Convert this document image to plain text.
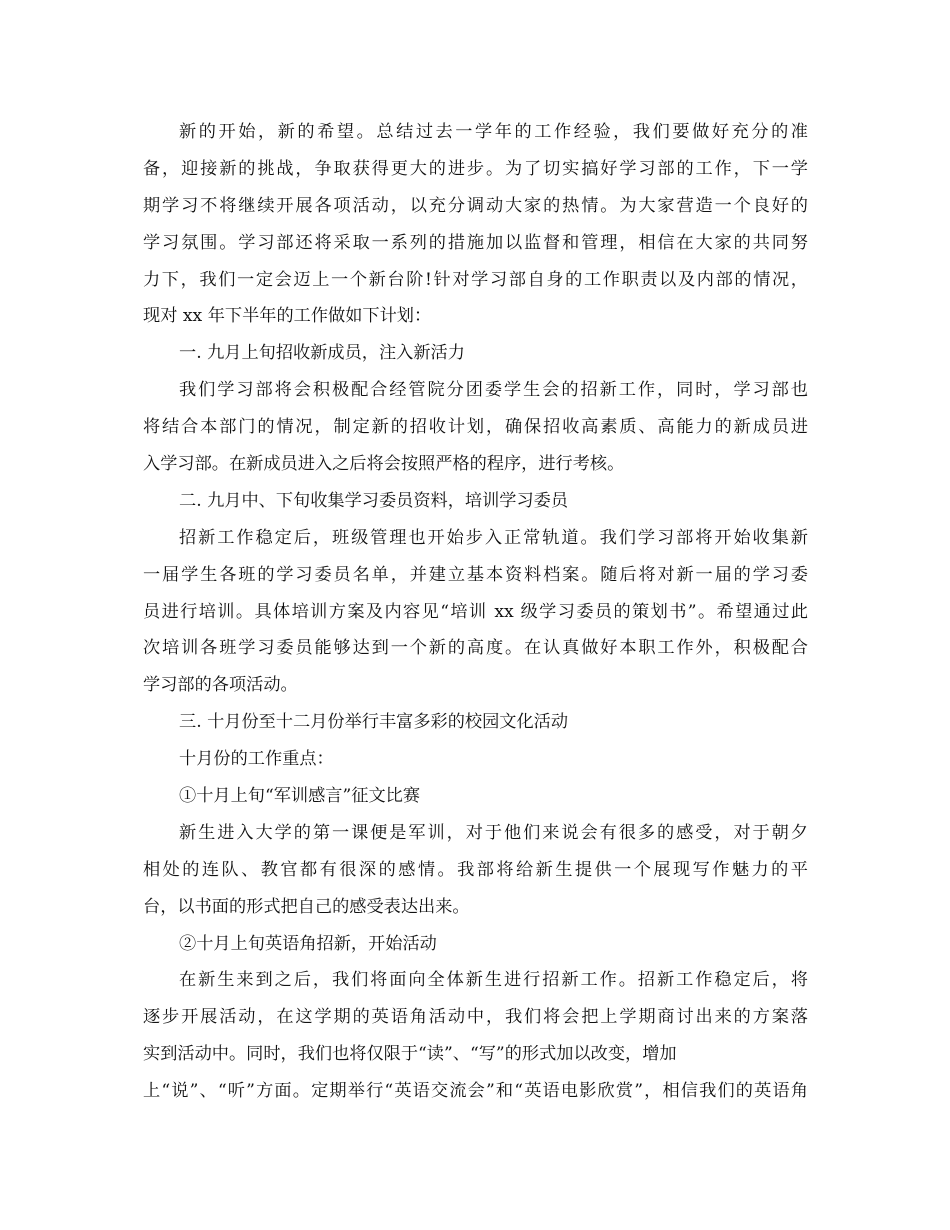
新的开始，新的希望。总结过去一学年的工作经验，我们要做好充分的准
备，迎接新的挑战，争取获得更大的进步。为了切实搞好学习部的工作，下一学
期学习不将继续开展各项活动，以充分调动大家的热情。为大家营造一个良好的
学习氛围。学习部还将采取一系列的措施加以监督和管理，相信在大家的共同努
力下，我们一定会迈上一个新台阶!针对学习部自身的工作职责以及内部的情况，
现对 xx 年下半年的工作做如下计划：
一. 九月上旬招收新成员，注入新活力
我们学习部将会积极配合经管院分团委学生会的招新工作，同时，学习部也
将结合本部门的情况，制定新的招收计划，确保招收高素质、高能力的新成员进
入学习部。在新成员进入之后将会按照严格的程序，进行考核。
二. 九月中、下旬收集学习委员资料，培训学习委员
招新工作稳定后，班级管理也开始步入正常轨道。我们学习部将开始收集新
一届学生各班的学习委员名单，并建立基本资料档案。随后将对新一届的学习委
员进行培训。具体培训方案及内容见“培训 xx 级学习委员的策划书”。希望通过此
次培训各班学习委员能够达到一个新的高度。在认真做好本职工作外，积极配合
学习部的各项活动。
三. 十月份至十二月份举行丰富多彩的校园文化活动
十月份的工作重点：
①十月上旬“军训感言”征文比赛
新生进入大学的第一课便是军训，对于他们来说会有很多的感受，对于朝夕
相处的连队、教官都有很深的感情。我部将给新生提供一个展现写作魅力的平
台，以书面的形式把自己的感受表达出来。
②十月上旬英语角招新，开始活动
在新生来到之后，我们将面向全体新生进行招新工作。招新工作稳定后，将
逐步开展活动，在这学期的英语角活动中，我们将会把上学期商讨出来的方案落
实到活动中。同时，我们也将仅限于“读”、“写”的形式加以改变，增加
上“说”、“听”方面。定期举行“英语交流会”和“英语电影欣赏”，相信我们的英语角
